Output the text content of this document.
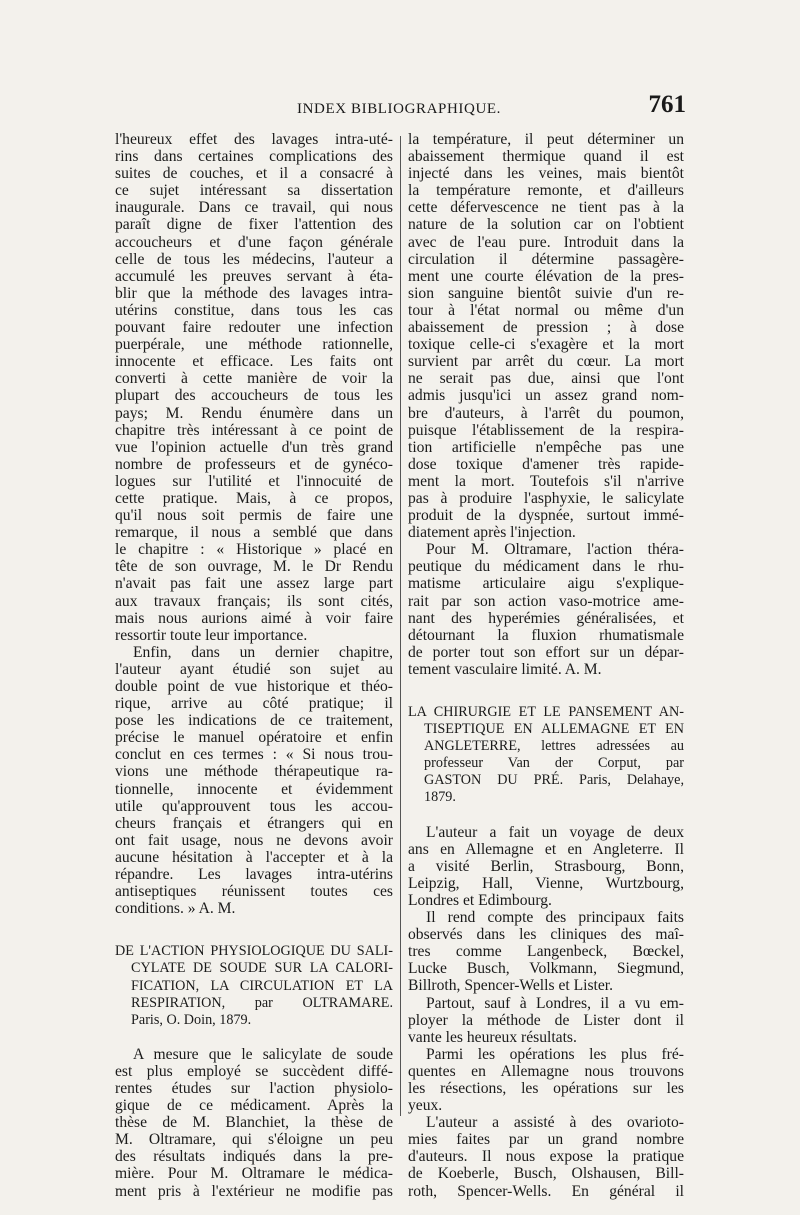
INDEX BIBLIOGRAPHIQUE.	761
l'heureux effet des lavages intra-uté-
rins dans certaines complications des
suites de couches, et il a consacré à
ce sujet intéressant sa dissertation
inaugurale. Dans ce travail, qui nous
paraît digne de fixer l'attention des
accoucheurs et d'une façon générale
celle de tous les médecins, l'auteur a
accumulé les preuves servant à éta-
blir que la méthode des lavages intra-
utérins constitue, dans tous les cas
pouvant faire redouter une infection
puerpérale, une méthode rationnelle,
innocente et efficace. Les faits ont
converti à cette manière de voir la
plupart des accoucheurs de tous les
pays; M. Rendu énumère dans un
chapitre très intéressant à ce point de
vue l'opinion actuelle d'un très grand
nombre de professeurs et de gynéco-
logues sur l'utilité et l'innocuité de
cette pratique. Mais, à ce propos,
qu'il nous soit permis de faire une
remarque, il nous a semblé que dans
le chapitre : « Historique » placé en
tête de son ouvrage, M. le Dr Rendu
n'avait pas fait une assez large part
aux travaux français; ils sont cités,
mais nous aurions aimé à voir faire
ressortir toute leur importance.
Enfin, dans un dernier chapitre,
l'auteur ayant étudié son sujet au
double point de vue historique et théo-
rique, arrive au côté pratique; il
pose les indications de ce traitement,
précise le manuel opératoire et enfin
conclut en ces termes : « Si nous trou-
vions une méthode thérapeutique ra-
tionnelle, innocente et évidemment
utile qu'approuvent tous les accou-
cheurs français et étrangers qui en
ont fait usage, nous ne devons avoir
aucune hésitation à l'accepter et à la
répandre. Les lavages intra-utérins
antiseptiques réunissent toutes ces
conditions. » A. M.
DE L'ACTION PHYSIOLOGIQUE DU SALI-
CYLATE DE SOUDE SUR LA CALORI-
FICATION, LA CIRCULATION ET LA
RESPIRATION, par OLTRAMARE.
Paris, O. Doin, 1879.
A mesure que le salicylate de soude
est plus employé se succèdent diffé-
rentes études sur l'action physiolo-
gique de ce médicament. Après la
thèse de M. Blanchiet, la thèse de
M. Oltramare, qui s'éloigne un peu
des résultats indiqués dans la pre-
mière. Pour M. Oltramare le médica-
ment pris à l'extérieur ne modifie pas
la température, il peut déterminer un
abaissement thermique quand il est
injecté dans les veines, mais bientôt
la température remonte, et d'ailleurs
cette défervescence ne tient pas à la
nature de la solution car on l'obtient
avec de l'eau pure. Introduit dans la
circulation il détermine passagère-
ment une courte élévation de la pres-
sion sanguine bientôt suivie d'un re-
tour à l'état normal ou même d'un
abaissement de pression ; à dose
toxique celle-ci s'exagère et la mort
survient par arrêt du cœur. La mort
ne serait pas due, ainsi que l'ont
admis jusqu'ici un assez grand nom-
bre d'auteurs, à l'arrêt du poumon,
puisque l'établissement de la respira-
tion artificielle n'empêche pas une
dose toxique d'amener très rapide-
ment la mort. Toutefois s'il n'arrive
pas à produire l'asphyxie, le salicylate
produit de la dyspnée, surtout immé-
diatement après l'injection.
Pour M. Oltramare, l'action théra-
peutique du médicament dans le rhu-
matisme articulaire aigu s'explique-
rait par son action vaso-motrice ame-
nant des hyperémies généralisées, et
détournant la fluxion rhumatismale
de porter tout son effort sur un dépar-
tement vasculaire limité. A. M.
LA CHIRURGIE ET LE PANSEMENT AN-
TISEPTIQUE EN ALLEMAGNE ET EN
ANGLETERRE, lettres adressées au
professeur Van der Corput, par
GASTON DU PRÉ. Paris, Delahaye,
1879.
L'auteur a fait un voyage de deux
ans en Allemagne et en Angleterre. Il
a visité Berlin, Strasbourg, Bonn,
Leipzig, Hall, Vienne, Wurtzbourg,
Londres et Edimbourg.
Il rend compte des principaux faits
observés dans les cliniques des maî-
tres comme Langenbeck, Bœckel,
Lucke Busch, Volkmann, Siegmund,
Billroth, Spencer-Wells et Lister.
Partout, sauf à Londres, il a vu em-
ployer la méthode de Lister dont il
vante les heureux résultats.
Parmi les opérations les plus fré-
quentes en Allemagne nous trouvons
les résections, les opérations sur les
yeux.
L'auteur a assisté à des ovarioto-
mies faites par un grand nombre
d'auteurs. Il nous expose la pratique
de Koeberle, Busch, Olshausen, Bill-
roth, Spencer-Wells. En général il
